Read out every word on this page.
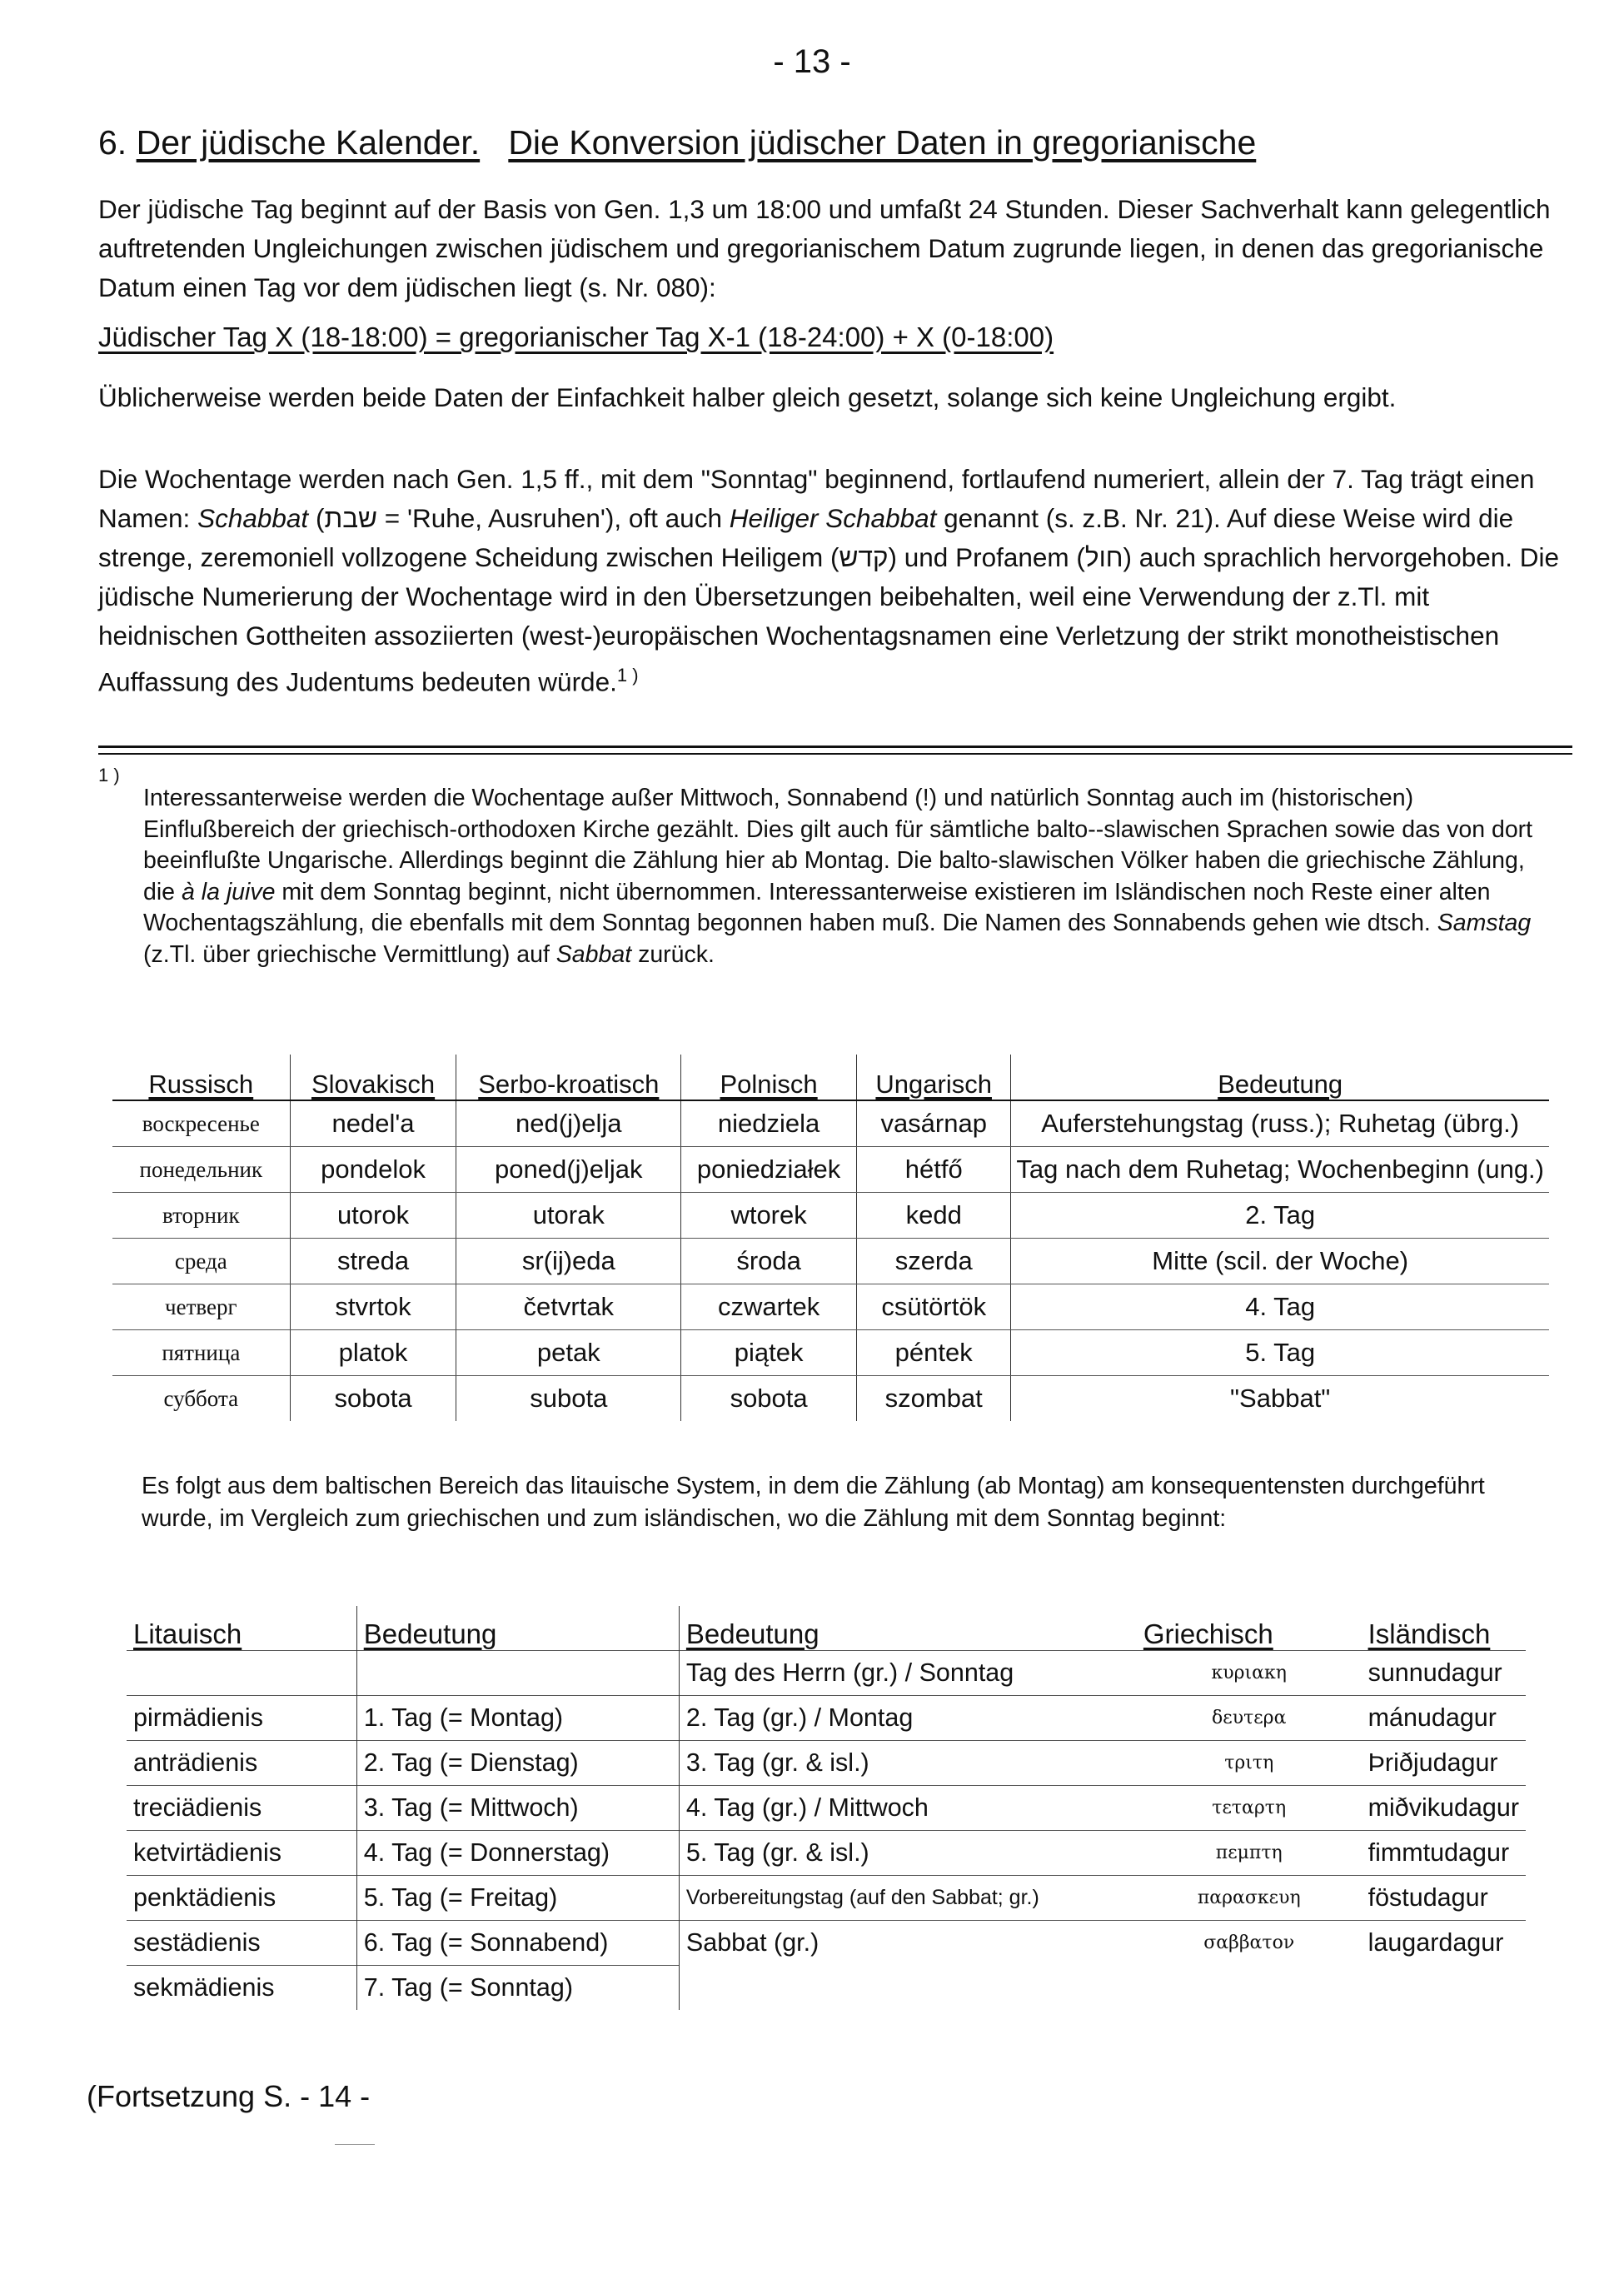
- 13 -
6. Der jüdische Kalender. Die Konversion jüdischer Daten in gregorianische
Der jüdische Tag beginnt auf der Basis von Gen. 1,3 um 18:00 und umfaßt 24 Stunden. Dieser Sachverhalt kann gelegentlich auftretenden Ungleichungen zwischen jüdischem und gregorianischem Datum zugrunde liegen, in denen das gregorianische Datum einen Tag vor dem jüdischen liegt (s. Nr. 080):
Jüdischer Tag X (18-18:00) = gregorianischer Tag X-1 (18-24:00) + X (0-18:00)
Üblicherweise werden beide Daten der Einfachkeit halber gleich gesetzt, solange sich keine Ungleichung ergibt.
Die Wochentage werden nach Gen. 1,5 ff., mit dem "Sonntag" beginnend, fortlaufend numeriert, allein der 7. Tag trägt einen Namen: Schabbat (שבת = 'Ruhe, Ausruhen'), oft auch Heiliger Schabbat genannt (s. z.B. Nr. 21). Auf diese Weise wird die strenge, zeremoniell vollzogene Scheidung zwischen Heiligem (קדש) und Profanem (חול) auch sprachlich hervorgehoben. Die jüdische Numerierung der Wochentage wird in den Übersetzungen beibehalten, weil eine Verwendung der z.Tl. mit heidnischen Gottheiten assoziierten (west-)europäischen Wochentagsnamen eine Verletzung der strikt monotheistischen Auffassung des Judentums bedeuten würde.$^{1 )}$
$^{1 )}$
Interessanterweise werden die Wochentage außer Mittwoch, Sonnabend (!) und natürlich Sonntag auch im (historischen) Einflußbereich der griechisch-orthodoxen Kirche gezählt. Dies gilt auch für sämtliche balto--slawischen Sprachen sowie das von dort beeinflußte Ungarische. Allerdings beginnt die Zählung hier ab Montag. Die balto-slawischen Völker haben die griechische Zählung, die à la juive mit dem Sonntag beginnt, nicht übernommen. Interessanterweise existieren im Isländischen noch Reste einer alten Wochentagszählung, die ebenfalls mit dem Sonntag begonnen haben muß. Die Namen des Sonnabends gehen wie dtsch. Samstag (z.Tl. über griechische Vermittlung) auf Sabbat zurück.
Russisch	Slovakisch	Serbo-kroatisch	Polnisch	Ungarisch	Bedeutung
воскресенье	nedel'a	ned(j)elja	niedziela	vasárnap	Auferstehungstag (russ.); Ruhetag (übrg.)
понедельник	pondelok	poned(j)eljak	poniedziałek	hétfő	Tag nach dem Ruhetag; Wochenbeginn (ung.)
вторник	utorok	utorak	wtorek	kedd	2. Tag
среда	streda	sr(ij)eda	środa	szerda	Mitte (scil. der Woche)
четверг	stvrtok	četvrtak	czwartek	csütörtök	4. Tag
пятница	platok	petak	piątek	péntek	5. Tag
суббота	sobota	subota	sobota	szombat	"Sabbat"
Es folgt aus dem baltischen Bereich das litauische System, in dem die Zählung (ab Montag) am konsequentensten durchgeführt wurde, im Vergleich zum griechischen und zum isländischen, wo die Zählung mit dem Sonntag beginnt:
Litauisch	Bedeutung	Bedeutung	Griechisch	Isländisch
		Tag des Herrn (gr.) / Sonntag	κυριακη	sunnudagur
pirmädienis	1. Tag (= Montag)	2. Tag (gr.) / Montag	δευτερα	mánudagur
anträdienis	2. Tag (= Dienstag)	3. Tag (gr. & isl.)	τριτη	Þriðjudagur
treciädienis	3. Tag (= Mittwoch)	4. Tag (gr.) / Mittwoch	τεταρτη	miðvikudagur
ketvirtädienis	4. Tag (= Donnerstag)	5. Tag (gr. & isl.)	πεμπτη	fimmtudagur
penktädienis	5. Tag (= Freitag)	Vorbereitungstag (auf den Sabbat; gr.)	παρασκευη	föstudagur
sestädienis	6. Tag (= Sonnabend)	Sabbat (gr.)	σαββατον	laugardagur
sekmädienis	7. Tag (= Sonntag)			
(Fortsetzung S. - 14 -
